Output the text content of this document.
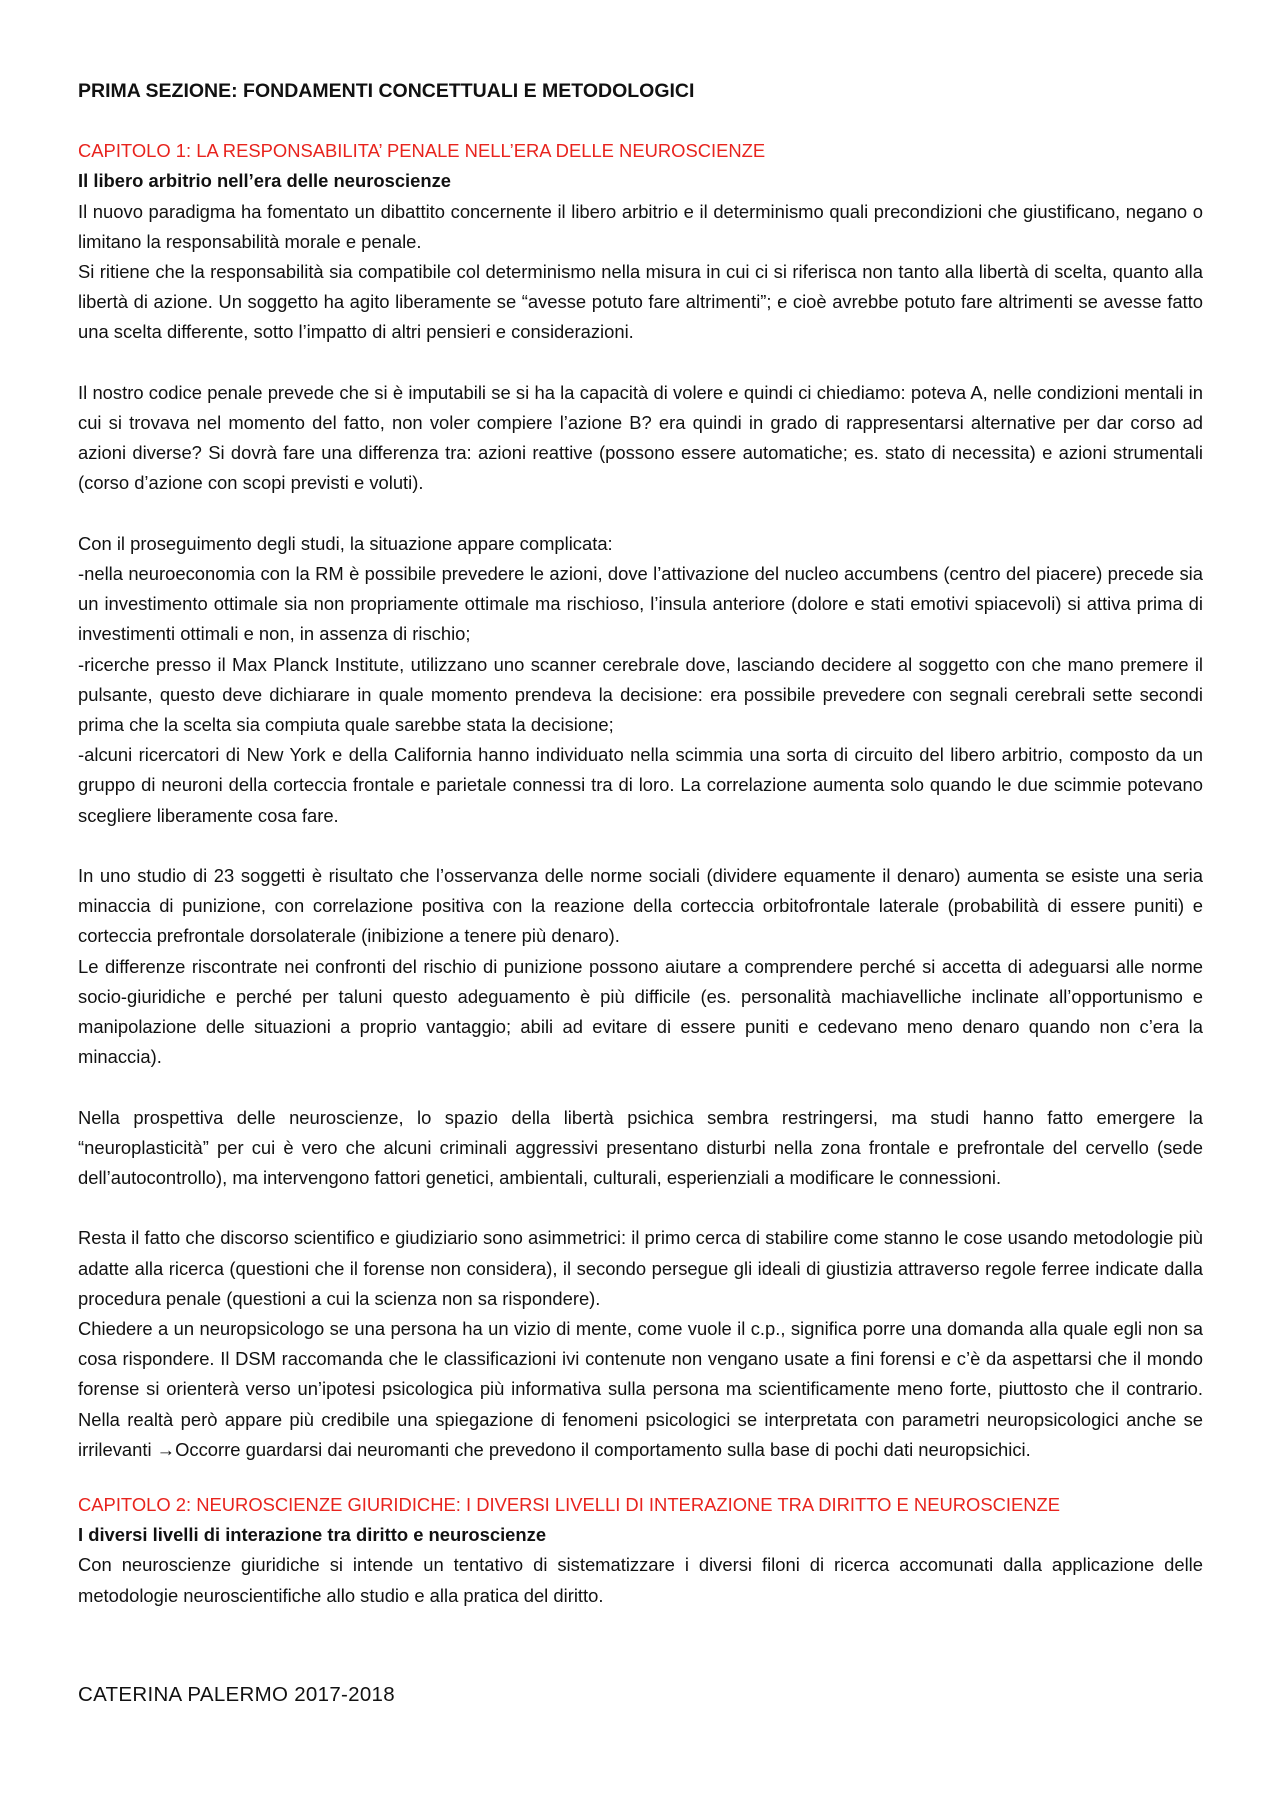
PRIMA SEZIONE: FONDAMENTI CONCETTUALI E METODOLOGICI

CAPITOLO 1: LA RESPONSABILITA’ PENALE NELL’ERA DELLE NEUROSCIENZE

Il libero arbitrio nell’era delle neuroscienze

Il nuovo paradigma ha fomentato un dibattito concernente il libero arbitrio e il determinismo quali precondizioni che giustificano, negano o limitano la responsabilità morale e penale.

Si ritiene che la responsabilità sia compatibile col determinismo nella misura in cui ci si riferisca non tanto alla libertà di scelta, quanto alla libertà di azione. Un soggetto ha agito liberamente se “avesse potuto fare altrimenti”; e cioè avrebbe potuto fare altrimenti se avesse fatto una scelta differente, sotto l’impatto di altri pensieri e considerazioni.

Il nostro codice penale prevede che si è imputabili se si ha la capacità di volere e quindi ci chiediamo: poteva A, nelle condizioni mentali in cui si trovava nel momento del fatto, non voler compiere l’azione B? era quindi in grado di rappresentarsi alternative per dar corso ad azioni diverse? Si dovrà fare una differenza tra: azioni reattive (possono essere automatiche; es. stato di necessita) e azioni strumentali (corso d’azione con scopi previsti e voluti).

Con il proseguimento degli studi, la situazione appare complicata:

-nella neuroeconomia con la RM è possibile prevedere le azioni, dove l’attivazione del nucleo accumbens (centro del piacere) precede sia un investimento ottimale sia non propriamente ottimale ma rischioso, l’insula anteriore (dolore e stati emotivi spiacevoli) si attiva prima di investimenti ottimali e non, in assenza di rischio;

-ricerche presso il Max Planck Institute, utilizzano uno scanner cerebrale dove, lasciando decidere al soggetto con che mano premere il pulsante, questo deve dichiarare in quale momento prendeva la decisione: era possibile prevedere con segnali cerebrali sette secondi prima che la scelta sia compiuta quale sarebbe stata la decisione;

-alcuni ricercatori di New York e della California hanno individuato nella scimmia una sorta di circuito del libero arbitrio, composto da un gruppo di neuroni della corteccia frontale e parietale connessi tra di loro. La correlazione aumenta solo quando le due scimmie potevano scegliere liberamente cosa fare.

In uno studio di 23 soggetti è risultato che l’osservanza delle norme sociali (dividere equamente il denaro) aumenta se esiste una seria minaccia di punizione, con correlazione positiva con la reazione della corteccia orbitofrontale laterale (probabilità di essere puniti) e corteccia prefrontale dorsolaterale (inibizione a tenere più denaro).

Le differenze riscontrate nei confronti del rischio di punizione possono aiutare a comprendere perché si accetta di adeguarsi alle norme socio-giuridiche e perché per taluni questo adeguamento è più difficile (es. personalità machiavelliche inclinate all’opportunismo e manipolazione delle situazioni a proprio vantaggio; abili ad evitare di essere puniti e cedevano meno denaro quando non c’era la minaccia).

Nella prospettiva delle neuroscienze, lo spazio della libertà psichica sembra restringersi, ma studi hanno fatto emergere la “neuroplasticità” per cui è vero che alcuni criminali aggressivi presentano disturbi nella zona frontale e prefrontale del cervello (sede dell’autocontrollo), ma intervengono fattori genetici, ambientali, culturali, esperienziali a modificare le connessioni.

Resta il fatto che discorso scientifico e giudiziario sono asimmetrici: il primo cerca di stabilire come stanno le cose usando metodologie più adatte alla ricerca (questioni che il forense non considera), il secondo persegue gli ideali di giustizia attraverso regole ferree indicate dalla procedura penale (questioni a cui la scienza non sa rispondere).

Chiedere a un neuropsicologo se una persona ha un vizio di mente, come vuole il c.p., significa porre una domanda alla quale egli non sa cosa rispondere. Il DSM raccomanda che le classificazioni ivi contenute non vengano usate a fini forensi e c’è da aspettarsi che il mondo forense si orienterà verso un’ipotesi psicologica più informativa sulla persona ma scientificamente meno forte, piuttosto che il contrario. Nella realtà però appare più credibile una spiegazione di fenomeni psicologici se interpretata con parametri neuropsicologici anche se irrilevanti →Occorre guardarsi dai neuromanti che prevedono il comportamento sulla base di pochi dati neuropsichici.

CAPITOLO 2: NEUROSCIENZE GIURIDICHE: I DIVERSI LIVELLI DI INTERAZIONE TRA DIRITTO E NEUROSCIENZE

I diversi livelli di interazione tra diritto e neuroscienze

Con neuroscienze giuridiche si intende un tentativo di sistematizzare i diversi filoni di ricerca accomunati dalla applicazione delle metodologie neuroscientifiche allo studio e alla pratica del diritto.

CATERINA PALERMO 2017-2018
